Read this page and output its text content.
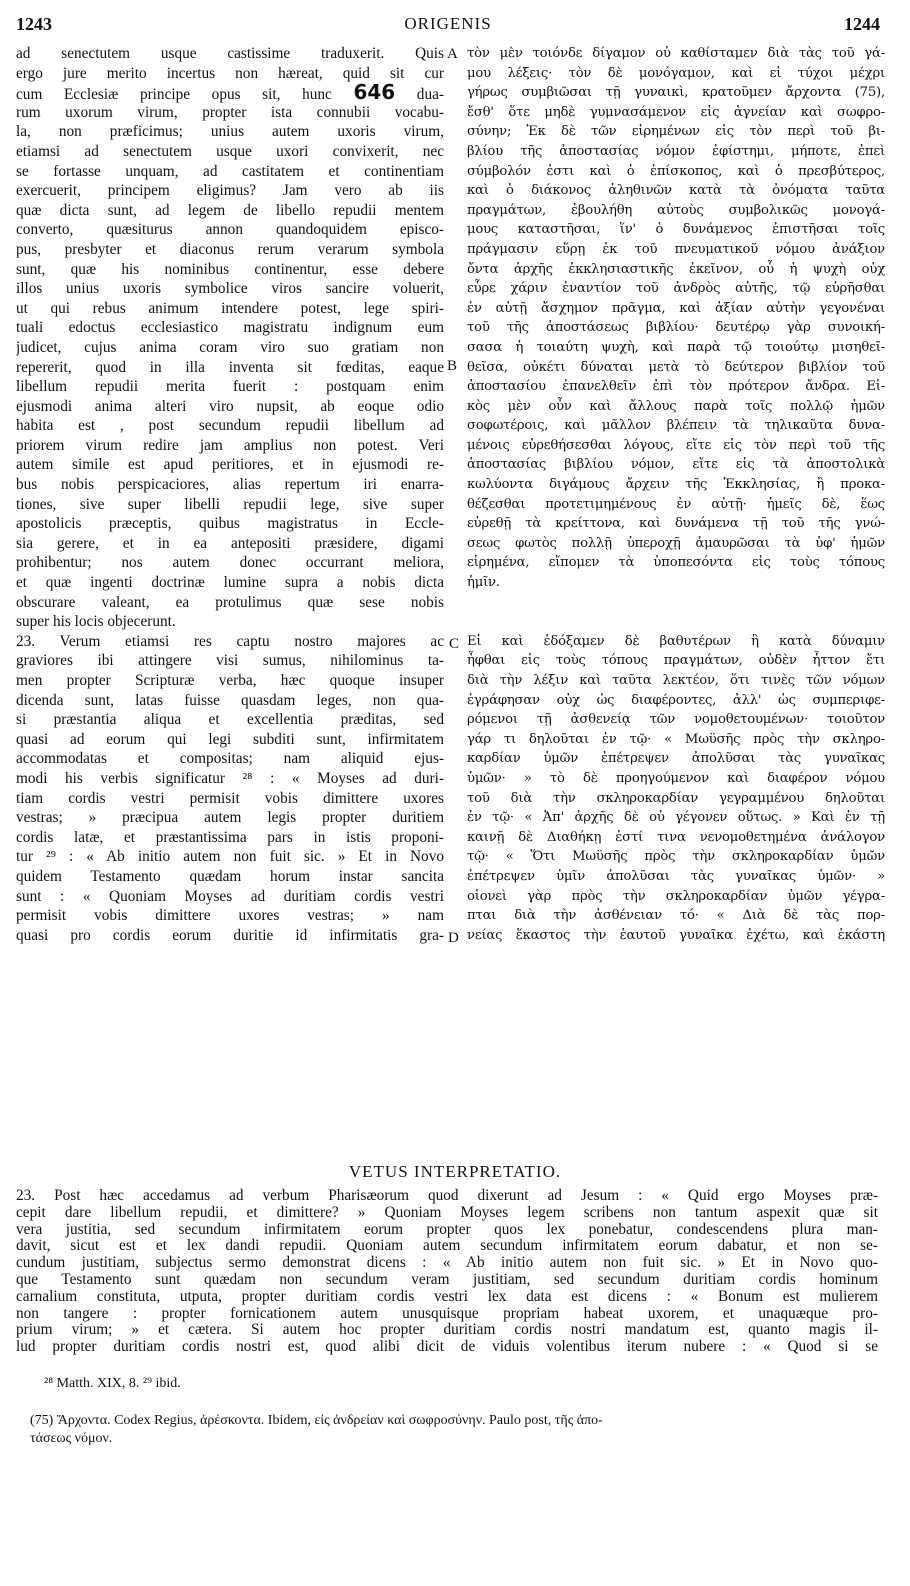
1243	ORIGENIS	1244
ad senectutem usque castissime traduxerit. Quis
ergo jure merito incertus non hæreat, quid sit cur
cum Ecclesiæ principe opus sit, hunc 646 dua-
rum uxorum virum, propter ista connubii vocabu-
la, non præficimus; unius autem uxoris virum,
etiamsi ad senectutem usque uxori convixerit, nec
se fortasse unquam, ad castitatem et continentiam
exercuerit, principem eligimus? Jam vero ab iis
quæ dicta sunt, ad legem de libello repudii mentem
converto, quæsiturus annon quandoquidem episco-
pus, presbyter et diaconus rerum verarum symbola
sunt, quæ his nominibus continentur, esse debere
illos unius uxoris symbolice viros sancire voluerit,
ut qui rebus animum intendere potest, lege spiri-
tuali edoctus ecclesiastico magistratu indignum eum
judicet, cujus anima coram viro suo gratiam non
repererit, quod in illa inventa sit fœditas, eaque
libellum repudii merita fuerit : postquam enim
ejusmodi anima alteri viro nupsit, ab eoque odio
habita est , post secundum repudii libellum ad
priorem virum redire jam amplius non potest. Veri
autem simile est apud peritiores, et in ejusmodi re-
bus nobis perspicaciores, alias repertum iri enarra-
tiones, sive super libelli repudii lege, sive super
apostolicis præceptis, quibus magistratus in Eccle-
sia gerere, et in ea antepositi præsidere, digami
prohibentur; nos autem donec occurrant meliora,
et quæ ingenti doctrinæ lumine supra a nobis dicta
obscurare valeant, ea protulimus quæ sese nobis
super his locis objecerunt.
23. Verum etiamsi res captu nostro majores ac
graviores ibi attingere visi sumus, nihilominus ta-
men propter Scripturæ verba, hæc quoque insuper
dicenda sunt, latas fuisse quasdam leges, non qua-
si præstantia aliqua et excellentia præditas, sed
quasi ad eorum qui legi subditi sunt, infirmitatem
accommodatas et compositas; nam aliquid ejus-
modi his verbis significatur ²⁸ : « Moyses ad duri-
tiam cordis vestri permisit vobis dimittere uxores
vestras; » præcipua autem legis propter duritiem
cordis latæ, et præstantissima pars in istis proponi-
tur ²⁹ : « Ab initio autem non fuit sic. » Et in Novo
quidem Testamento quædam horum instar sancita
sunt : « Quoniam Moyses ad duritiam cordis vestri
permisit vobis dimittere uxores vestras; » nam
quasi pro cordis eorum duritie id infirmitatis gra-
τὸν μὲν τοιόνδε δίγαμον οὐ καθίσταμεν διὰ τὰς τοῦ γά-
μου λέξεις· τὸν δὲ μονόγαμον, καὶ εἰ τύχοι μέχρι
γήρως συμβιῶσαι τῇ γυναικὶ, κρατοῦμεν ἄρχοντα (75),
ἔσθ' ὅτε μηδὲ γυμνασάμενον εἰς ἁγνείαν καὶ σωφρο-
σύνην; Ἐκ δὲ τῶν εἰρημένων εἰς τὸν περὶ τοῦ βι-
βλίου τῆς ἀποστασίας νόμον ἐφίστημι, μήποτε, ἐπεὶ
σύμβολόν ἐστι καὶ ὁ ἐπίσκοπος, καὶ ὁ πρεσβύτερος,
καὶ ὁ διάκονος ἀληθινῶν κατὰ τὰ ὀνόματα ταῦτα
πραγμάτων, ἐβουλήθη αὐτοὺς συμβολικῶς μονογά-
μους καταστῆσαι, ἵν' ὁ δυνάμενος ἐπιστῆσαι τοῖς
πράγμασιν εὕρῃ ἐκ τοῦ πνευματικοῦ νόμου ἀνάξιον
ὄντα ἀρχῆς ἐκκλησιαστικῆς ἐκεῖνον, οὗ ἡ ψυχὴ οὐχ
εὗρε χάριν ἐναντίον τοῦ ἀνδρὸς αὐτῆς, τῷ εὑρῆσθαι
ἐν αὐτῇ ἄσχημον πρᾶγμα, καὶ ἀξίαν αὐτὴν γεγονέναι
τοῦ τῆς ἀποστάσεως βιβλίου· δευτέρῳ γὰρ συνοική-
σασα ἡ τοιαύτη ψυχὴ, καὶ παρὰ τῷ τοιούτῳ μισηθεῖ-
θεῖσα, οὐκέτι δύναται μετὰ τὸ δεύτερον βιβλίον τοῦ
ἀποστασίου ἐπανελθεῖν ἐπὶ τὸν πρότερον ἄνδρα. Εἰ-
κὸς μὲν οὖν καὶ ἄλλους παρὰ τοῖς πολλῷ ἡμῶν
σοφωτέροις, καὶ μᾶλλον βλέπειν τὰ τηλικαῦτα δυνα-
μένοις εὑρεθήσεσθαι λόγους, εἴτε εἰς τὸν περὶ τοῦ τῆς
ἀποστασίας βιβλίου νόμον, εἴτε εἰς τὰ ἀποστολικὰ
κωλύοντα διγάμους ἄρχειν τῆς Ἐκκλησίας, ἢ προκα-
θέζεσθαι προτετιμημένους ἐν αὐτῇ· ἡμεῖς δὲ, ἕως
εὑρεθῇ τὰ κρείττονα, καὶ δυνάμενα τῇ τοῦ τῆς γνώ-
σεως φωτὸς πολλῇ ὑπεροχῇ ἀμαυρῶσαι τὰ ὑφ' ἡμῶν
εἰρημένα, εἴπομεν τὰ ὑποπεσόντα εἰς τοὺς τόπους
ἡμῖν.

Εἰ καὶ ἐδόξαμεν δὲ βαθυτέρων ἢ κατὰ δύναμιν
ἧφθαι εἰς τοὺς τόπους πραγμάτων, οὐδὲν ἧττον ἔτι
διὰ τὴν λέξιν καὶ ταῦτα λεκτέον, ὅτι τινὲς τῶν νόμων
ἐγράφησαν οὐχ ὡς διαφέροντες, ἀλλ' ὡς συμπεριφε-
ρόμενοι τῇ ἀσθενείᾳ τῶν νομοθετουμένων· τοιοῦτον
γάρ τι δηλοῦται ἐν τῷ· « Μωϋσῆς πρὸς τὴν σκληρο-
καρδίαν ὑμῶν ἐπέτρεψεν ἀπολῦσαι τὰς γυναῖκας
ὑμῶν· » τὸ δὲ προηγούμενον καὶ διαφέρον νόμου
τοῦ διὰ τὴν σκληροκαρδίαν γεγραμμένου δηλοῦται
ἐν τῷ· « Ἀπ' ἀρχῆς δὲ οὐ γέγονεν οὕτως. » Καὶ ἐν τῇ
καινῇ δὲ Διαθήκῃ ἐστί τινα νενομοθετημένα ἀνάλογον
τῷ· « Ὅτι Μωϋσῆς πρὸς τὴν σκληροκαρδίαν ὑμῶν
ἐπέτρεψεν ὑμῖν ἀπολῦσαι τὰς γυναῖκας ὑμῶν· »
οἱονεὶ γὰρ πρὸς τὴν σκληροκαρδίαν ὑμῶν γέγρα-
πται διὰ τὴν ἀσθένειαν τό· « Διὰ δὲ τὰς πορ-
νείας ἕκαστος τὴν ἑαυτοῦ γυναῖκα ἐχέτω, καὶ ἑκάστη
A
B
C
D
VETUS INTERPRETATIO.
23. Post hæc accedamus ad verbum Pharisæorum quod dixerunt ad Jesum : « Quid ergo Moyses præ-
cepit dare libellum repudii, et dimittere? » Quoniam Moyses legem scribens non tantum aspexit quæ sit
vera justitia, sed secundum infirmitatem eorum propter quos lex ponebatur, condescendens plura man-
davit, sicut est et lex dandi repudii. Quoniam autem secundum infirmitatem eorum dabatur, et non se-
cundum justitiam, subjectus sermo demonstrat dicens : « Ab initio autem non fuit sic. » Et in Novo quo-
que Testamento sunt quædam non secundum veram justitiam, sed secundum duritiam cordis hominum
carnalium constituta, utputa, propter duritiam cordis vestri lex data est dicens : « Bonum est mulierem
non tangere : propter fornicationem autem unusquisque propriam habeat uxorem, et unaquæque pro-
prium virum; » et cætera. Si autem hoc propter duritiam cordis nostri mandatum est, quanto magis il-
lud propter duritiam cordis nostri est, quod alibi dicit de viduis volentibus iterum nubere : « Quod si se
²⁸ Matth. XIX, 8. ²⁹ ibid.
(75) Ἄρχοντα. Codex Regius, ἀρέσκοντα. Ibidem, εἰς ἀνδρείαν καὶ σωφροσύνην. Paulo post, τῆς ἀπο-
τάσεως νόμον.
